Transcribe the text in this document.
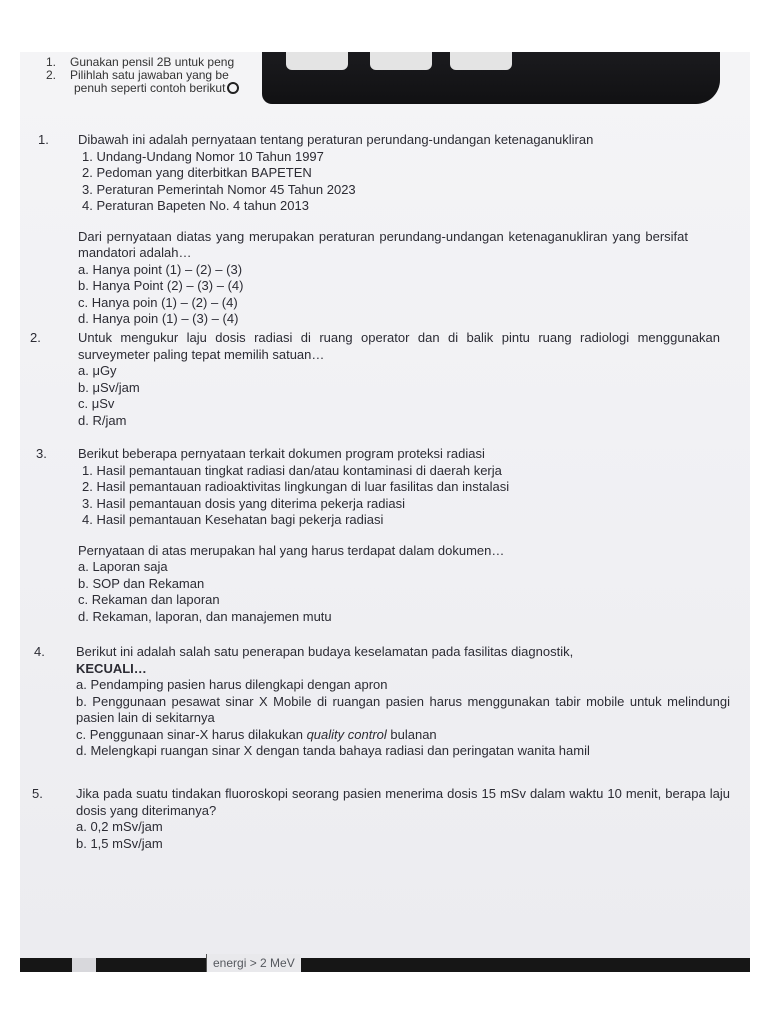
1.	Gunakan pensil 2B untuk peng
2.	Pilihlah satu jawaban yang be
penuh seperti contoh berikut
1.	Dibawah ini adalah pernyataan tentang peraturan perundang-undangan ketenaganukliran
1. Undang-Undang Nomor 10 Tahun 1997
2. Pedoman yang diterbitkan BAPETEN
3. Peraturan Pemerintah Nomor 45 Tahun 2023
4. Peraturan Bapeten No. 4 tahun 2013
Dari pernyataan diatas yang merupakan peraturan perundang-undangan ketenaganukliran yang bersifat mandatori adalah…
a. Hanya point (1) – (2) – (3)
b. Hanya Point (2) – (3) – (4)
c. Hanya poin (1) – (2) – (4)
d. Hanya poin (1) – (3) – (4)
2.	Untuk mengukur laju dosis radiasi di ruang operator dan di balik pintu ruang radiologi menggunakan surveymeter paling tepat memilih satuan…
a. μGy
b. μSv/jam
c. μSv
d. R/jam
3.	Berikut beberapa pernyataan terkait dokumen program proteksi radiasi
1. Hasil pemantauan tingkat radiasi dan/atau kontaminasi di daerah kerja
2. Hasil pemantauan radioaktivitas lingkungan di luar fasilitas dan instalasi
3. Hasil pemantauan dosis yang diterima pekerja radiasi
4. Hasil pemantauan Kesehatan bagi pekerja radiasi
Pernyataan di atas merupakan hal yang harus terdapat dalam dokumen…
a. Laporan saja
b. SOP dan Rekaman
c. Rekaman dan laporan
d. Rekaman, laporan, dan manajemen mutu
4.	Berikut ini adalah salah satu penerapan budaya keselamatan pada fasilitas diagnostik,
KECUALI…
a. Pendamping pasien harus dilengkapi dengan apron
b. Penggunaan pesawat sinar X Mobile di ruangan pasien harus menggunakan tabir mobile untuk melindungi pasien lain di sekitarnya
c. Penggunaan sinar-X harus dilakukan quality control bulanan
d. Melengkapi ruangan sinar X dengan tanda bahaya radiasi dan peringatan wanita hamil
5.	Jika pada suatu tindakan fluoroskopi seorang pasien menerima dosis 15 mSv dalam waktu 10 menit, berapa laju dosis yang diterimanya?
a. 0,2 mSv/jam
b. 1,5 mSv/jam
energi > 2 MeV
